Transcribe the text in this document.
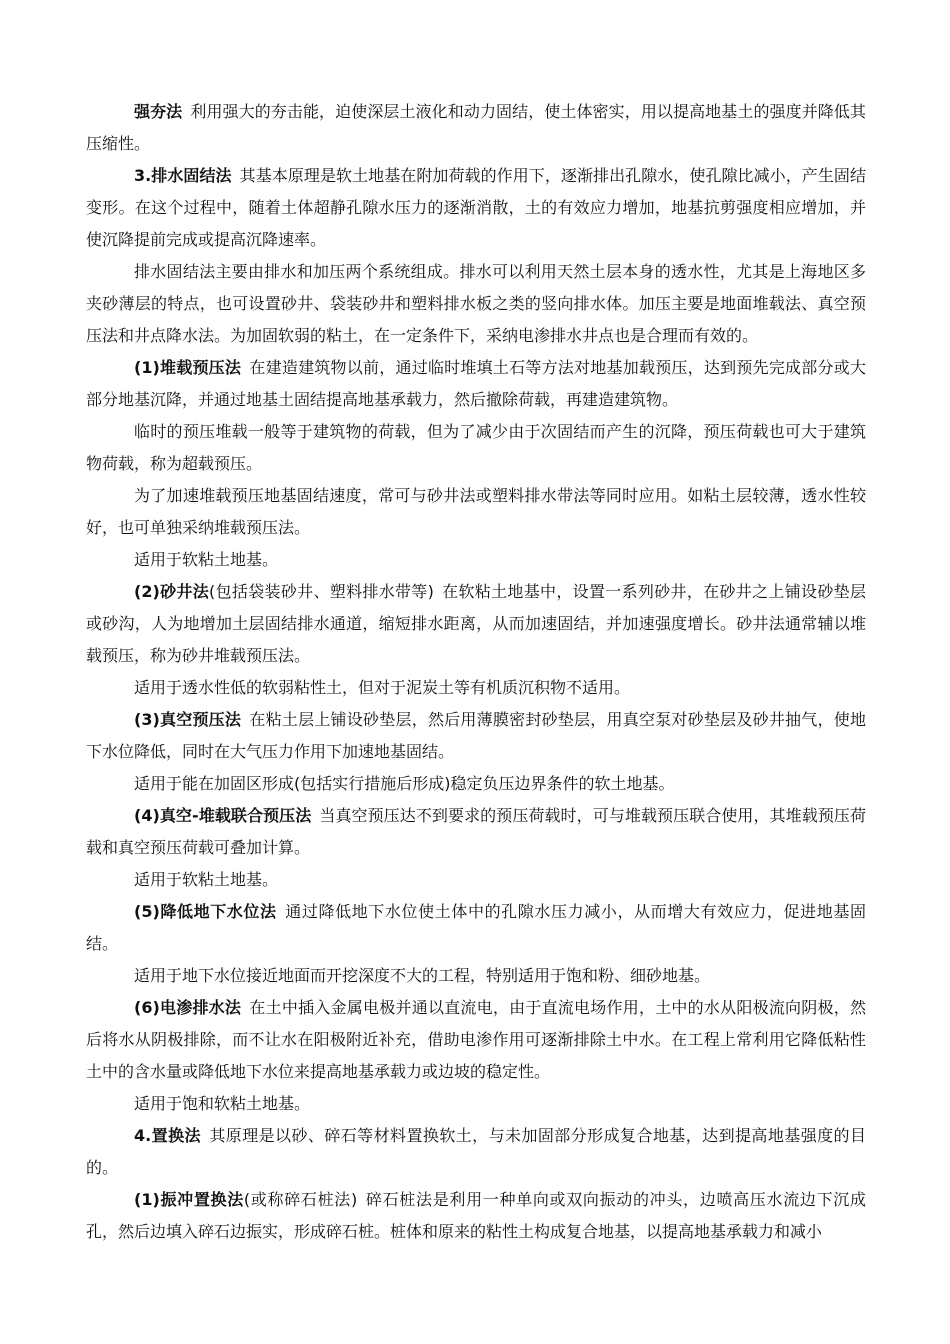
强夯法 利用强大的夯击能，迫使深层土液化和动力固结，使土体密实，用以提高地基土的强度并降低其压缩性。

3.排水固结法 其基本原理是软土地基在附加荷载的作用下，逐渐排出孔隙水，使孔隙比减小，产生固结变形。在这个过程中，随着土体超静孔隙水压力的逐渐消散，土的有效应力增加，地基抗剪强度相应增加，并使沉降提前完成或提高沉降速率。

排水固结法主要由排水和加压两个系统组成。排水可以利用天然土层本身的透水性，尤其是上海地区多夹砂薄层的特点，也可设置砂井、袋装砂井和塑料排水板之类的竖向排水体。加压主要是地面堆载法、真空预压法和井点降水法。为加固软弱的粘土，在一定条件下，采纳电渗排水井点也是合理而有效的。

(1)堆载预压法 在建造建筑物以前，通过临时堆填土石等方法对地基加载预压，达到预先完成部分或大部分地基沉降，并通过地基土固结提高地基承载力，然后撤除荷载，再建造建筑物。

临时的预压堆载一般等于建筑物的荷载，但为了减少由于次固结而产生的沉降，预压荷载也可大于建筑物荷载，称为超载预压。

为了加速堆载预压地基固结速度，常可与砂井法或塑料排水带法等同时应用。如粘土层较薄，透水性较好，也可单独采纳堆载预压法。

适用于软粘土地基。

(2)砂井法(包括袋装砂井、塑料排水带等) 在软粘土地基中，设置一系列砂井，在砂井之上铺设砂垫层或砂沟，人为地增加土层固结排水通道，缩短排水距离，从而加速固结，并加速强度增长。砂井法通常辅以堆载预压，称为砂井堆载预压法。

适用于透水性低的软弱粘性土，但对于泥炭土等有机质沉积物不适用。

(3)真空预压法 在粘土层上铺设砂垫层，然后用薄膜密封砂垫层，用真空泵对砂垫层及砂井抽气，使地下水位降低，同时在大气压力作用下加速地基固结。

适用于能在加固区形成(包括实行措施后形成)稳定负压边界条件的软土地基。

(4)真空-堆载联合预压法 当真空预压达不到要求的预压荷载时，可与堆载预压联合使用，其堆载预压荷载和真空预压荷载可叠加计算。

适用于软粘土地基。

(5)降低地下水位法 通过降低地下水位使土体中的孔隙水压力减小，从而增大有效应力，促进地基固结。

适用于地下水位接近地面而开挖深度不大的工程，特别适用于饱和粉、细砂地基。

(6)电渗排水法 在土中插入金属电极并通以直流电，由于直流电场作用，土中的水从阳极流向阴极，然后将水从阴极排除，而不让水在阳极附近补充，借助电渗作用可逐渐排除土中水。在工程上常利用它降低粘性土中的含水量或降低地下水位来提高地基承载力或边坡的稳定性。

适用于饱和软粘土地基。

4.置换法 其原理是以砂、碎石等材料置换软土，与未加固部分形成复合地基，达到提高地基强度的目的。

(1)振冲置换法(或称碎石桩法) 碎石桩法是利用一种单向或双向振动的冲头，边喷高压水流边下沉成孔，然后边填入碎石边振实，形成碎石桩。桩体和原来的粘性土构成复合地基，以提高地基承载力和减小
